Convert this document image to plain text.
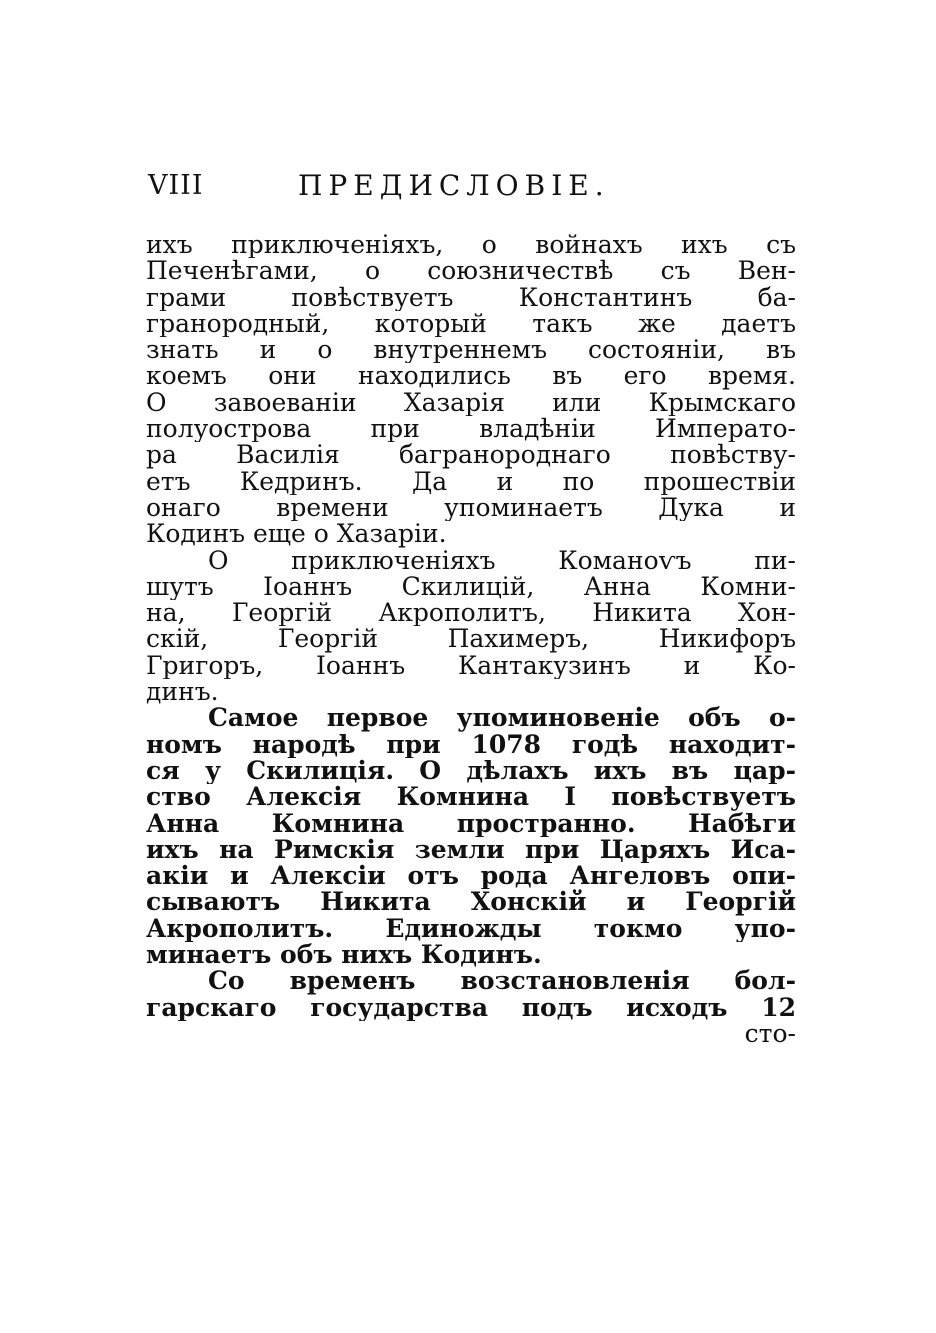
VIII	ПРЕДИСЛОВІЕ.
ихъ приключеніяхъ, о войнахъ ихъ съ
Печенѣгами, о союзничествѣ съ Вен-
грами повѣствуетъ Константинъ ба-
гранородный, который такъ же даетъ
знать и о внутреннемъ состояніи, въ
коемъ они находились въ его время.
О завоеваніи Хазарія или Крымскаго
полуострова при владѣніи Императо-
ра Василія багранороднаго повѣству-
етъ Кедринъ. Да и по прошествіи
онаго времени упоминаетъ Дука и
Кодинъ еще о Хазаріи.
О приключеніяхъ Команоѵъ пи-
шутъ Іоаннъ Скилицій, Анна Комни-
на, Георгій Акрополитъ, Никита Хон-
скій, Георгій Пахимеръ, Никифоръ
Григоръ, Іоаннъ Кантакузинъ и Ко-
динъ.
Самое первое упоминовеніе объ о-
номъ народѣ при 1078 годѣ находит-
ся у Скилиція. О дѣлахъ ихъ въ цар-
ство Алексія Комнина I повѣствуетъ
Анна Комнина пространно. Набѣги
ихъ на Римскія земли при Царяхъ Иса-
акіи и Алексіи отъ рода Ангеловъ опи-
сываютъ Никита Хонскій и Георгій
Акрополитъ. Единожды токмо упо-
минаетъ объ нихъ Кодинъ.
Со временъ возстановленія бол-
гарскаго государства подъ исходъ 12
сто-
